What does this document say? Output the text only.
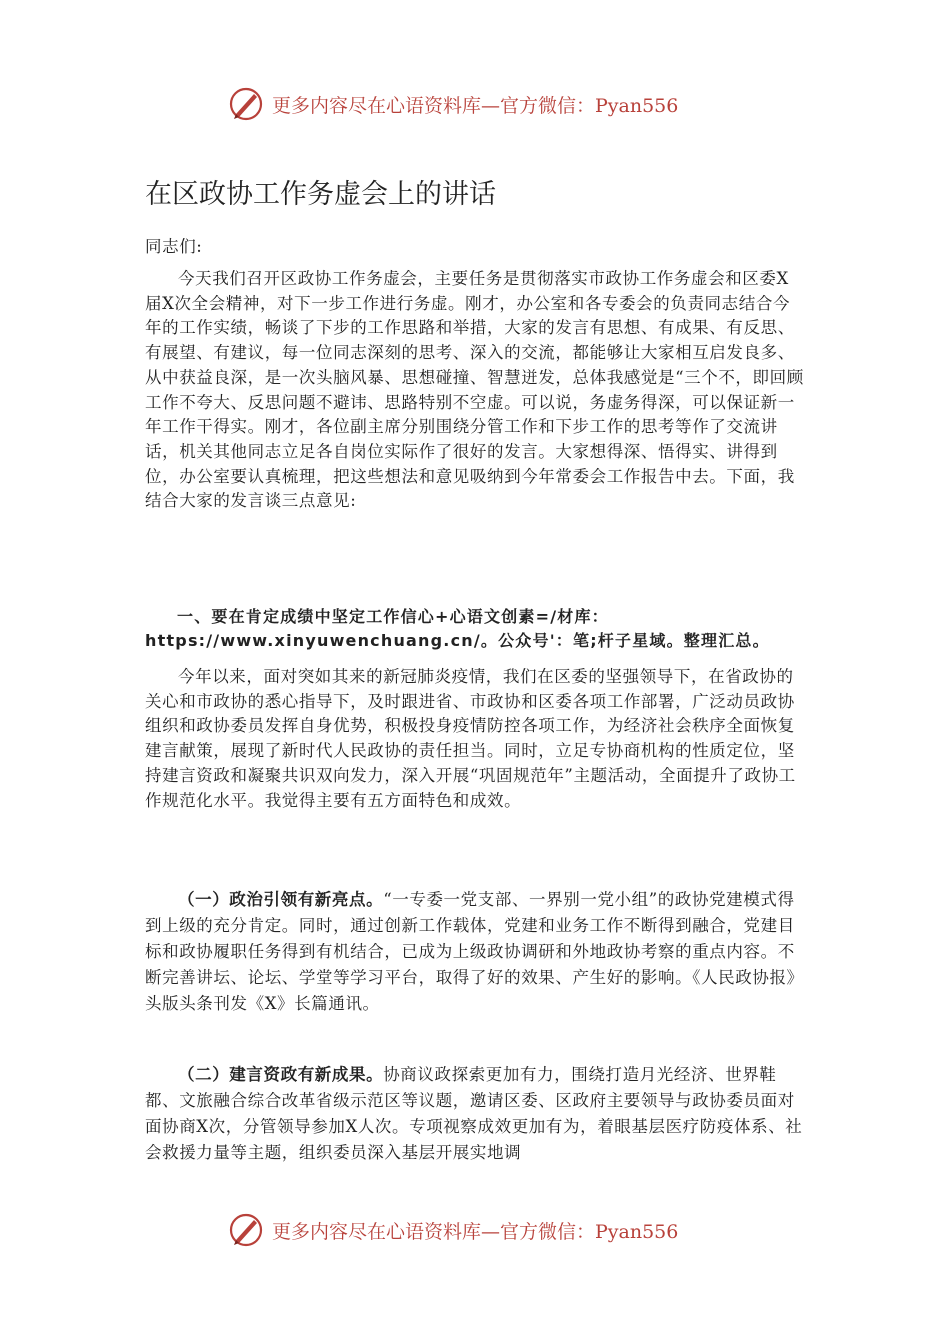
更多内容尽在心语资料库—官方微信：Pyan556
在区政协工作务虚会上的讲话
同志们:
今天我们召开区政协工作务虚会，主要任务是贯彻落实市政协工作务虚会和区委X届X次全会精神，对下一步工作进行务虚。刚才，办公室和各专委会的负责同志结合今年的工作实绩，畅谈了下步的工作思路和举措，大家的发言有思想、有成果、有反思、有展望、有建议，每一位同志深刻的思考、深入的交流，都能够让大家相互启发良多、从中获益良深，是一次头脑风暴、思想碰撞、智慧迸发，总体我感觉是“三个不，即回顾工作不夸大、反思问题不避讳、思路特别不空虚。可以说，务虚务得深，可以保证新一年工作干得实。刚才，各位副主席分别围绕分管工作和下步工作的思考等作了交流讲话，机关其他同志立足各自岗位实际作了很好的发言。大家想得深、悟得实、讲得到位，办公室要认真梳理，把这些想法和意见吸纳到今年常委会工作报告中去。下面，我结合大家的发言谈三点意见:
一、要在肯定成绩中坚定工作信心+心语文创素=/材库：https://www.xinyuwenchuang.cn/。公众号'：笔;杆子星域。整理汇总。
今年以来，面对突如其来的新冠肺炎疫情，我们在区委的坚强领导下，在省政协的关心和市政协的悉心指导下，及时跟进省、市政协和区委各项工作部署，广泛动员政协组织和政协委员发挥自身优势，积极投身疫情防控各项工作，为经济社会秩序全面恢复建言献策，展现了新时代人民政协的责任担当。同时，立足专协商机构的性质定位，坚持建言资政和凝聚共识双向发力，深入开展“巩固规范年”主题活动，全面提升了政协工作规范化水平。我觉得主要有五方面特色和成效。
（一）政治引领有新亮点。“一专委一党支部、一界别一党小组”的政协党建模式得到上级的充分肯定。同时，通过创新工作载体，党建和业务工作不断得到融合，党建目标和政协履职任务得到有机结合，已成为上级政协调研和外地政协考察的重点内容。不断完善讲坛、论坛、学堂等学习平台，取得了好的效果、产生好的影响。《人民政协报》头版头条刊发《X》长篇通讯。
（二）建言资政有新成果。协商议政探索更加有力，围绕打造月光经济、世界鞋都、文旅融合综合改革省级示范区等议题，邀请区委、区政府主要领导与政协委员面对面协商X次，分管领导参加X人次。专项视察成效更加有为，着眼基层医疗防疫体系、社会救援力量等主题，组织委员深入基层开展实地调
更多内容尽在心语资料库—官方微信：Pyan556
